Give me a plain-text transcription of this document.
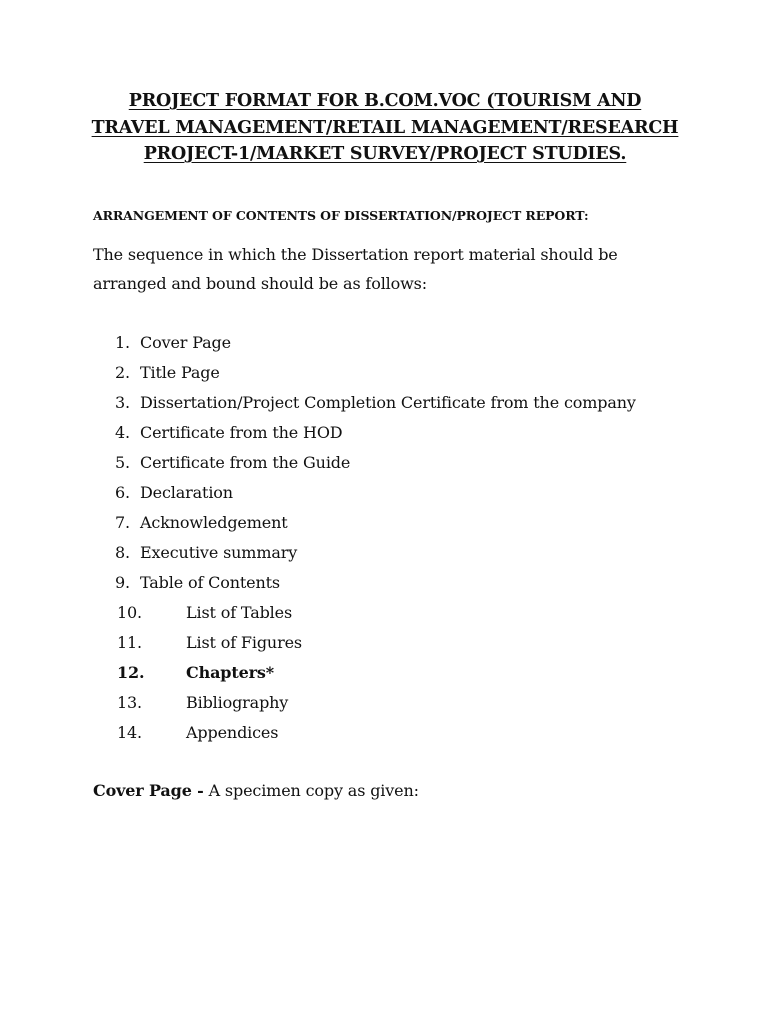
PROJECT FORMAT FOR B.COM.VOC (TOURISM AND TRAVEL MANAGEMENT/RETAIL MANAGEMENT/RESEARCH PROJECT-1/MARKET SURVEY/PROJECT STUDIES.
ARRANGEMENT OF CONTENTS OF DISSERTATION/PROJECT REPORT:
The sequence in which the Dissertation report material should be arranged and bound should be as follows:
1. Cover Page
2. Title Page
3. Dissertation/Project Completion Certificate from the company
4. Certificate from the HOD
5. Certificate from the Guide
6. Declaration
7. Acknowledgement
8. Executive summary
9. Table of Contents
10.	List of Tables
11.	List of Figures
12.	Chapters*
13.	Bibliography
14.	Appendices
Cover Page - A specimen copy as given:
